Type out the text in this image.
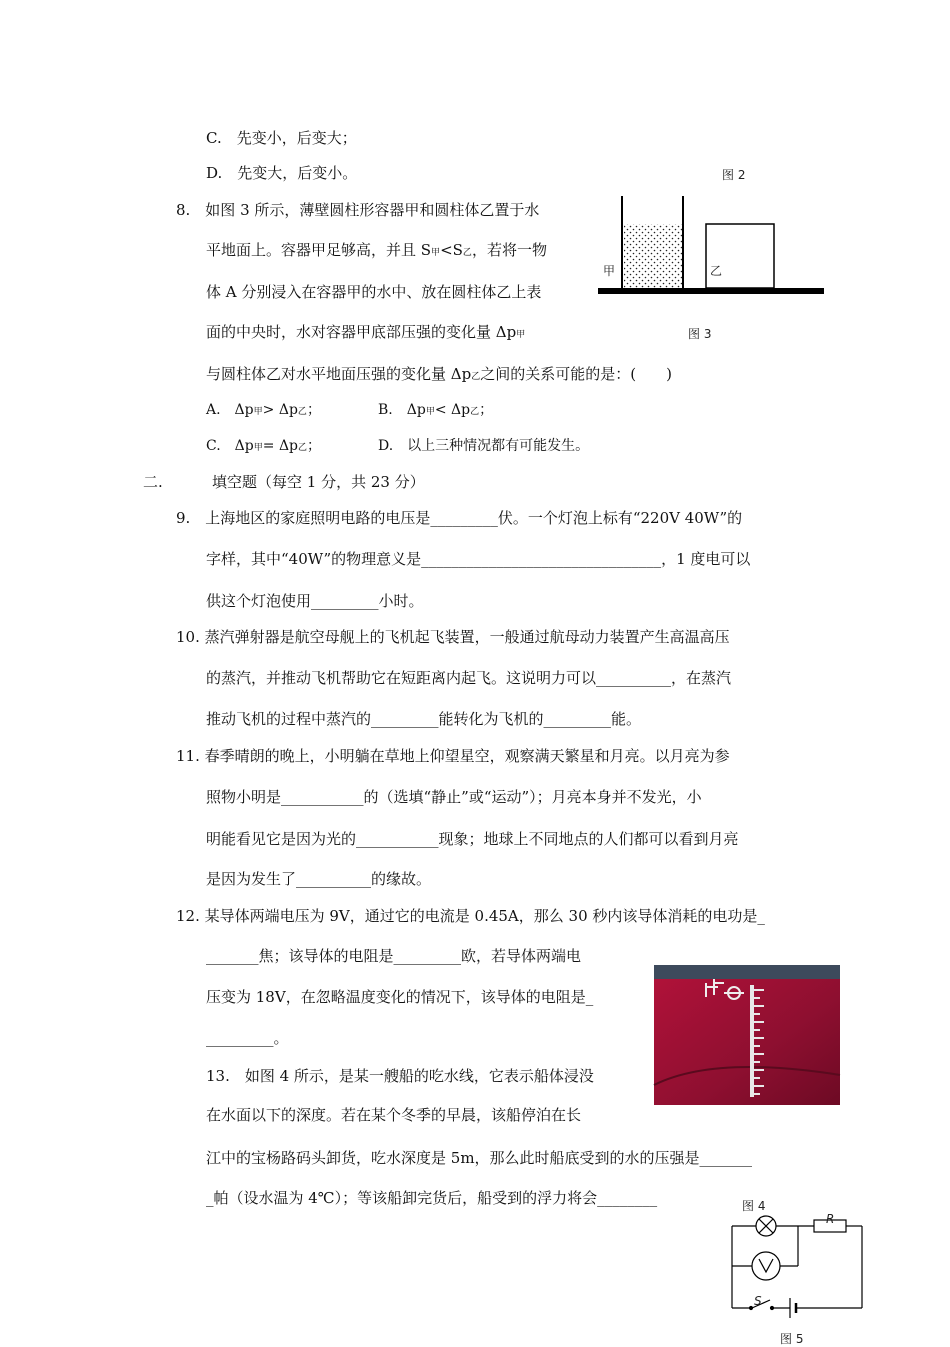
C.　先变小，后变大；
D.　先变大，后变小。	图 2
8.　如图 3 所示，薄壁圆柱形容器甲和圆柱体乙置于水
平地面上。容器甲足够高，并且 S甲<S乙，若将一物
体 A 分别浸入在容器甲的水中、放在圆柱体乙上表
面的中央时，水对容器甲底部压强的变化量 Δp甲
与圆柱体乙对水平地面压强的变化量 Δp乙之间的关系可能的是：(　　)
A.　Δp甲> Δp乙；	B.　Δp甲< Δp乙；
C.　Δp甲= Δp乙；	D.　以上三种情况都有可能发生。
甲	乙
图 3
二.	填空题（每空 1 分，共 23 分）
9.　上海地区的家庭照明电路的电压是_________伏。一个灯泡上标有“220V 40W”的
字样，其中“40W”的物理意义是________________________________，1 度电可以
供这个灯泡使用_________小时。
10. 蒸汽弹射器是航空母舰上的飞机起飞装置，一般通过航母动力装置产生高温高压
的蒸汽，并推动飞机帮助它在短距离内起飞。这说明力可以__________，在蒸汽
推动飞机的过程中蒸汽的_________能转化为飞机的_________能。
11. 春季晴朗的晚上，小明躺在草地上仰望星空，观察满天繁星和月亮。以月亮为参
照物小明是___________的（选填“静止”或“运动”）；月亮本身并不发光，小
明能看见它是因为光的___________现象；地球上不同地点的人们都可以看到月亮
是因为发生了__________的缘故。
12. 某导体两端电压为 9V，通过它的电流是 0.45A，那么 30 秒内该导体消耗的电功是_
_______焦；该导体的电阻是_________欧，若导体两端电
压变为 18V，在忽略温度变化的情况下，该导体的电阻是_
_________。
13.　如图 4 所示，是某一艘船的吃水线，它表示船体浸没
在水面以下的深度。若在某个冬季的早晨，该船停泊在长
江中的宝杨路码头卸货，吃水深度是 5m，那么此时船底受到的水的压强是_______
_帕（设水温为 4℃）；等该船卸完货后，船受到的浮力将会________	图 4
R
S
图 5
